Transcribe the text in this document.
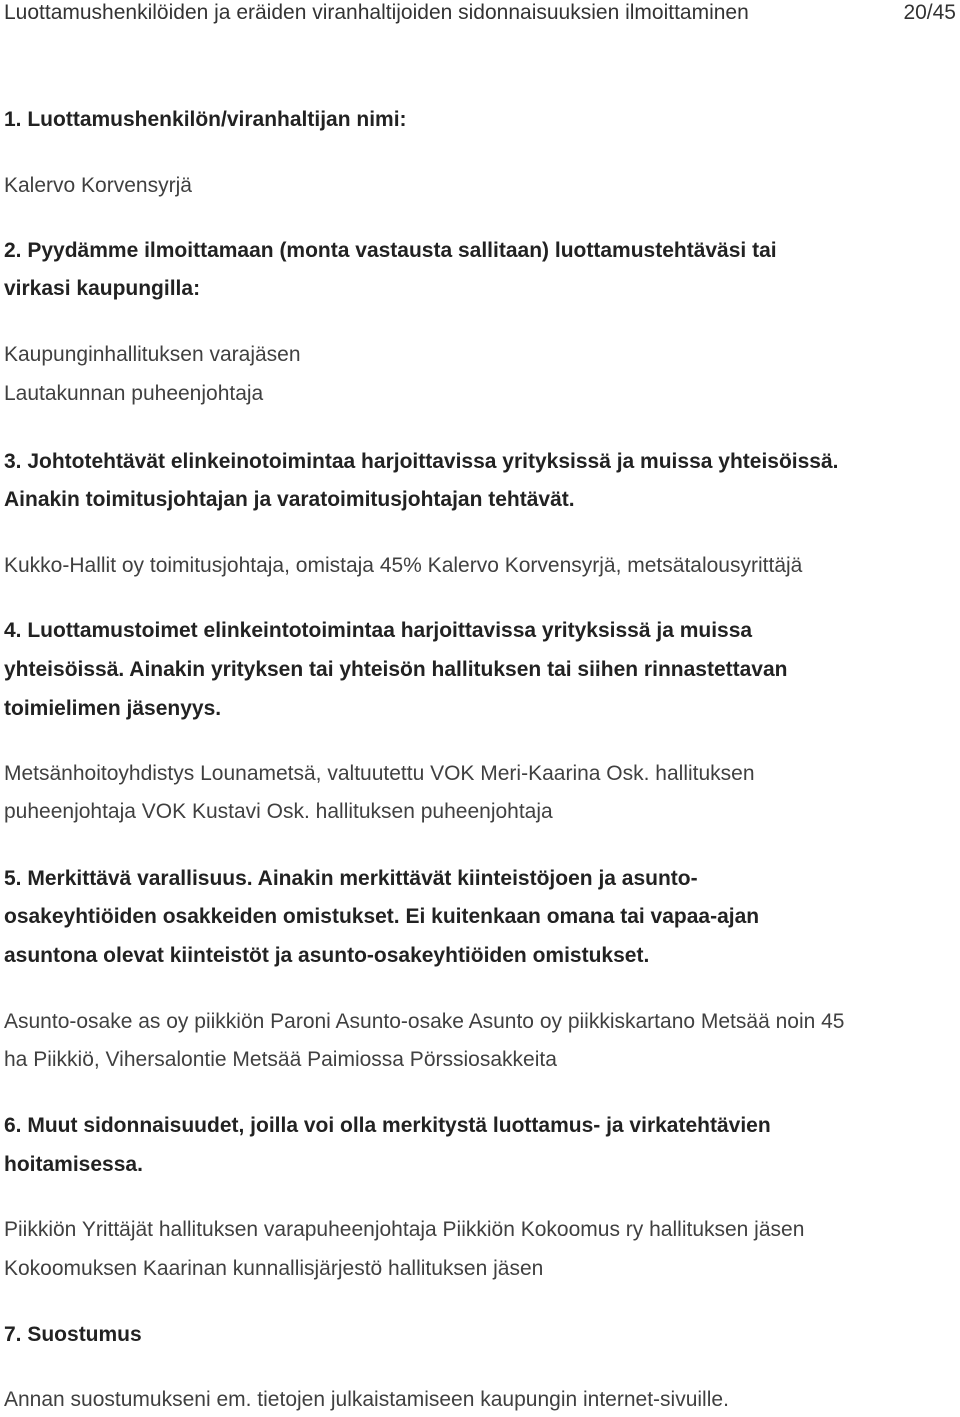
Luottamushenkilöiden ja eräiden viranhaltijoiden sidonnaisuuksien ilmoittaminen	20/45
1. Luottamushenkilön/viranhaltijan nimi:
Kalervo Korvensyrjä
2. Pyydämme ilmoittamaan (monta vastausta sallitaan) luottamustehtäväsi tai
virkasi kaupungilla:
Kaupunginhallituksen varajäsen
Lautakunnan puheenjohtaja
3. Johtotehtävät elinkeinotoimintaa harjoittavissa yrityksissä ja muissa yhteisöissä.
Ainakin toimitusjohtajan ja varatoimitusjohtajan tehtävät.
Kukko-Hallit oy toimitusjohtaja, omistaja 45% Kalervo Korvensyrjä, metsätalousyrittäjä
4. Luottamustoimet elinkeintotoimintaa harjoittavissa yrityksissä ja muissa
yhteisöissä. Ainakin yrityksen tai yhteisön hallituksen tai siihen rinnastettavan
toimielimen jäsenyys.
Metsänhoitoyhdistys Lounametsä, valtuutettu VOK Meri-Kaarina Osk. hallituksen
puheenjohtaja VOK Kustavi Osk. hallituksen puheenjohtaja
5. Merkittävä varallisuus. Ainakin merkittävät kiinteistöjoen ja asunto-
osakeyhtiöiden osakkeiden omistukset. Ei kuitenkaan omana tai vapaa-ajan
asuntona olevat kiinteistöt ja asunto-osakeyhtiöiden omistukset.
Asunto-osake as oy piikkiön Paroni Asunto-osake Asunto oy piikkiskartano Metsää noin 45
ha Piikkiö, Vihersalontie Metsää Paimiossa Pörssiosakkeita
6. Muut sidonnaisuudet, joilla voi olla merkitystä luottamus- ja virkatehtävien
hoitamisessa.
Piikkiön Yrittäjät hallituksen varapuheenjohtaja Piikkiön Kokoomus ry hallituksen jäsen
Kokoomuksen Kaarinan kunnallisjärjestö hallituksen jäsen
7. Suostumus
Annan suostumukseni em. tietojen julkaistamiseen kaupungin internet-sivuille.
